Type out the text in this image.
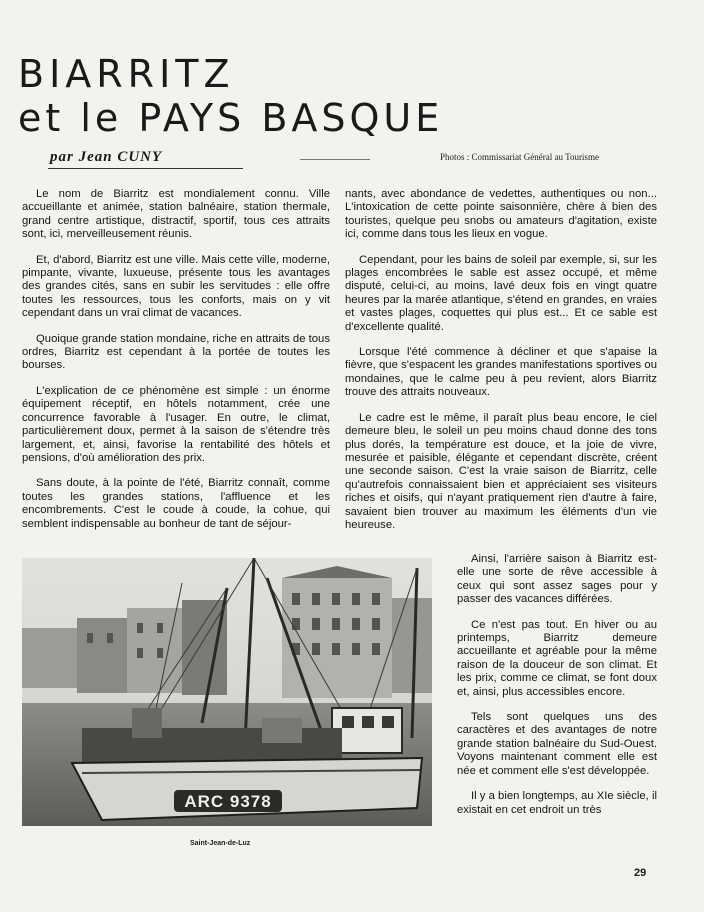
BIARRITZ
et le PAYS BASQUE
par Jean CUNY	Photos : Commissariat Général au Tourisme

Le nom de Biarritz est mondialement connu. Ville accueillante et animée, station balnéaire, station thermale, grand centre artistique, distractif, sportif, tous ces attraits sont, ici, merveilleusement réunis.

Et, d'abord, Biarritz est une ville. Mais cette ville, moderne, pimpante, vivante, luxueuse, présente tous les avantages des grandes cités, sans en subir les servitudes : elle offre toutes les ressources, tous les conforts, mais on y vit cependant dans un vrai climat de vacances.

Quoique grande station mondaine, riche en attraits de tous ordres, Biarritz est cependant à la portée de toutes les bourses.

L'explication de ce phénomène est simple : un énorme équipement réceptif, en hôtels notamment, crée une concurrence favorable à l'usager. En outre, le climat, particulièrement doux, permet à la saison de s'étendre très largement, et, ainsi, favorise la rentabilité des hôtels et pensions, d'où amélioration des prix.

Sans doute, à la pointe de l'été, Biarritz connaît, comme toutes les grandes stations, l'affluence et les encombrements. C'est le coude à coude, la cohue, qui semblent indispensable au bonheur de tant de séjour-

nants, avec abondance de vedettes, authentiques ou non... L'intoxication de cette pointe saisonnière, chère à bien des touristes, quelque peu snobs ou amateurs d'agitation, existe ici, comme dans tous les lieux en vogue.

Cependant, pour les bains de soleil par exemple, si, sur les plages encombrées le sable est assez occupé, et même disputé, celui-ci, au moins, lavé deux fois en vingt quatre heures par la marée atlantique, s'étend en grandes, en vraies et vastes plages, coquettes qui plus est... Et ce sable est d'excellente qualité.

Lorsque l'été commence à décliner et que s'apaise la fièvre, que s'espacent les grandes manifestations sportives ou mondaines, que le calme peu à peu revient, alors Biarritz trouve des attraits nouveaux.

Le cadre est le même, il paraît plus beau encore, le ciel demeure bleu, le soleil un peu moins chaud donne des tons plus dorés, la température est douce, et la joie de vivre, mesurée et paisible, élégante et cependant discrète, créent une seconde saison. C'est la vraie saison de Biarritz, celle qu'autrefois connaissaient bien et appréciaient ses visiteurs riches et oisifs, qui n'ayant pratiquement rien d'autre à faire, savaient bien trouver au maximum les éléments d'un vie heureuse.

ARC 9378
Saint-Jean-de-Luz

Ainsi, l'arrière saison à Biarritz est-elle une sorte de rêve accessible à ceux qui sont assez sages pour y passer des vacances différées.

Ce n'est pas tout. En hiver ou au printemps, Biarritz demeure accueillante et agréable pour la même raison de la douceur de son climat. Et les prix, comme ce climat, se font doux et, ainsi, plus accessibles encore.

Tels sont quelques uns des caractères et des avantages de notre grande station balnéaire du Sud-Ouest. Voyons maintenant comment elle est née et comment elle s'est développée.

Il y a bien longtemps, au XIe siècle, il existait en cet endroit un très

29
